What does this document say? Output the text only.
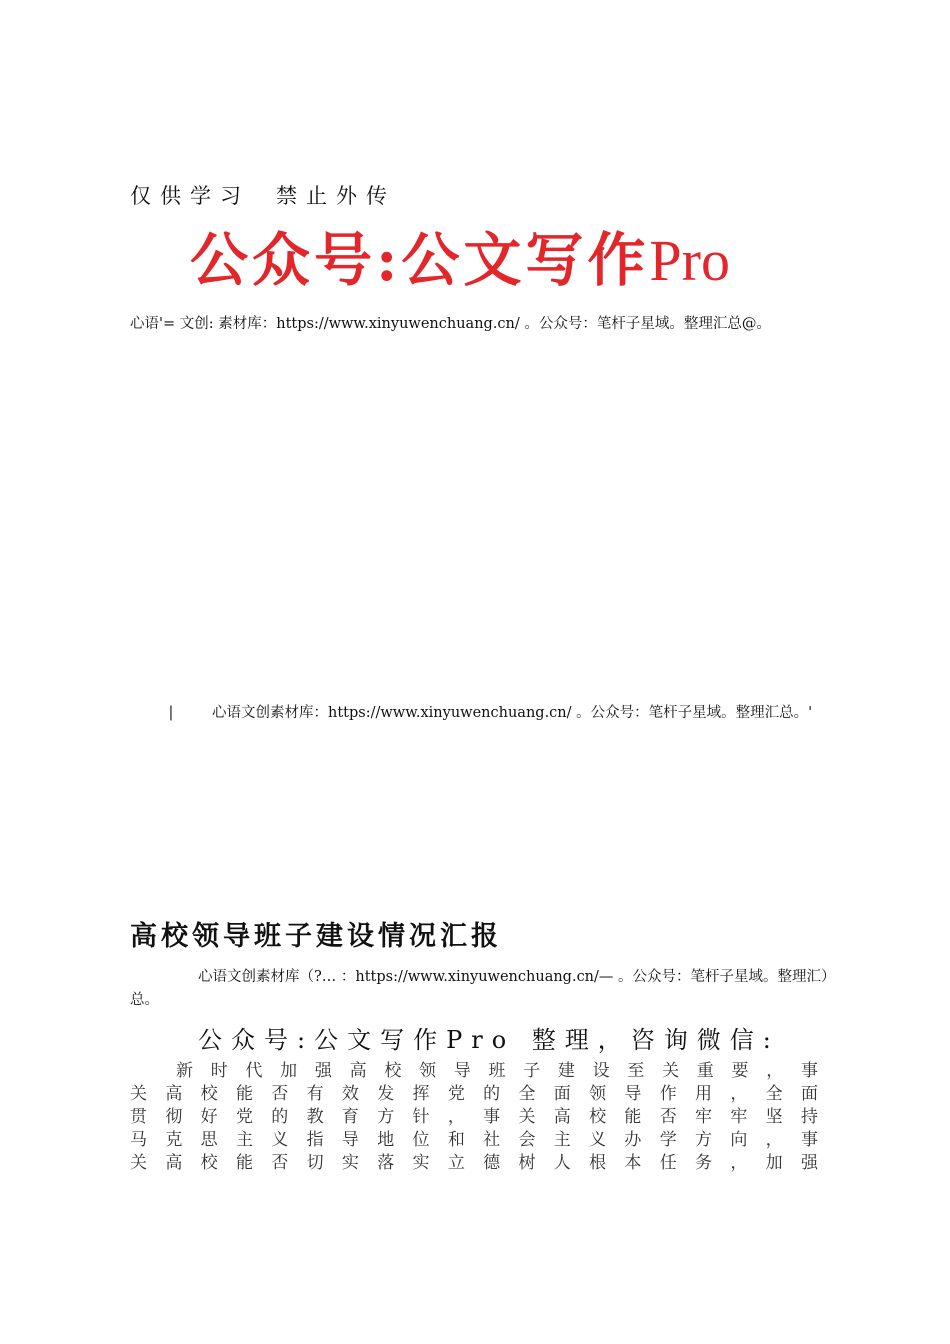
仅供学习 禁止外传
公众号:公文写作Pro
心语'= 文创: 素材库：https://www.xinyuwenchuang.cn/ 。公众号：笔杆子星域。整理汇总@。
|	心语文创素材库：https://www.xinyuwenchuang.cn/ 。公众号：笔杆子星域。整理汇总。'
高校领导班子建设情况汇报
心语文创素材库（?… ：https://www.xinyuwenchuang.cn/— 。公众号：笔杆子星域。整理汇）总。
公众号:公文写作Pro 整理，咨询微信:
新 时 代 加 强 高 校 领 导 班 子 建 设 至 关 重 要 ， 事
关 高 校 能 否 有 效 发 挥 党 的 全 面 领 导 作 用 ， 全 面
贯 彻 好 党 的 教 育 方 针 ， 事 关 高 校 能 否 牢 牢 坚 持
马 克 思 主 义 指 导 地 位 和 社 会 主 义 办 学 方 向 ， 事
关 高 校 能 否 切 实 落 实 立 德 树 人 根 本 任 务 ， 加 强
